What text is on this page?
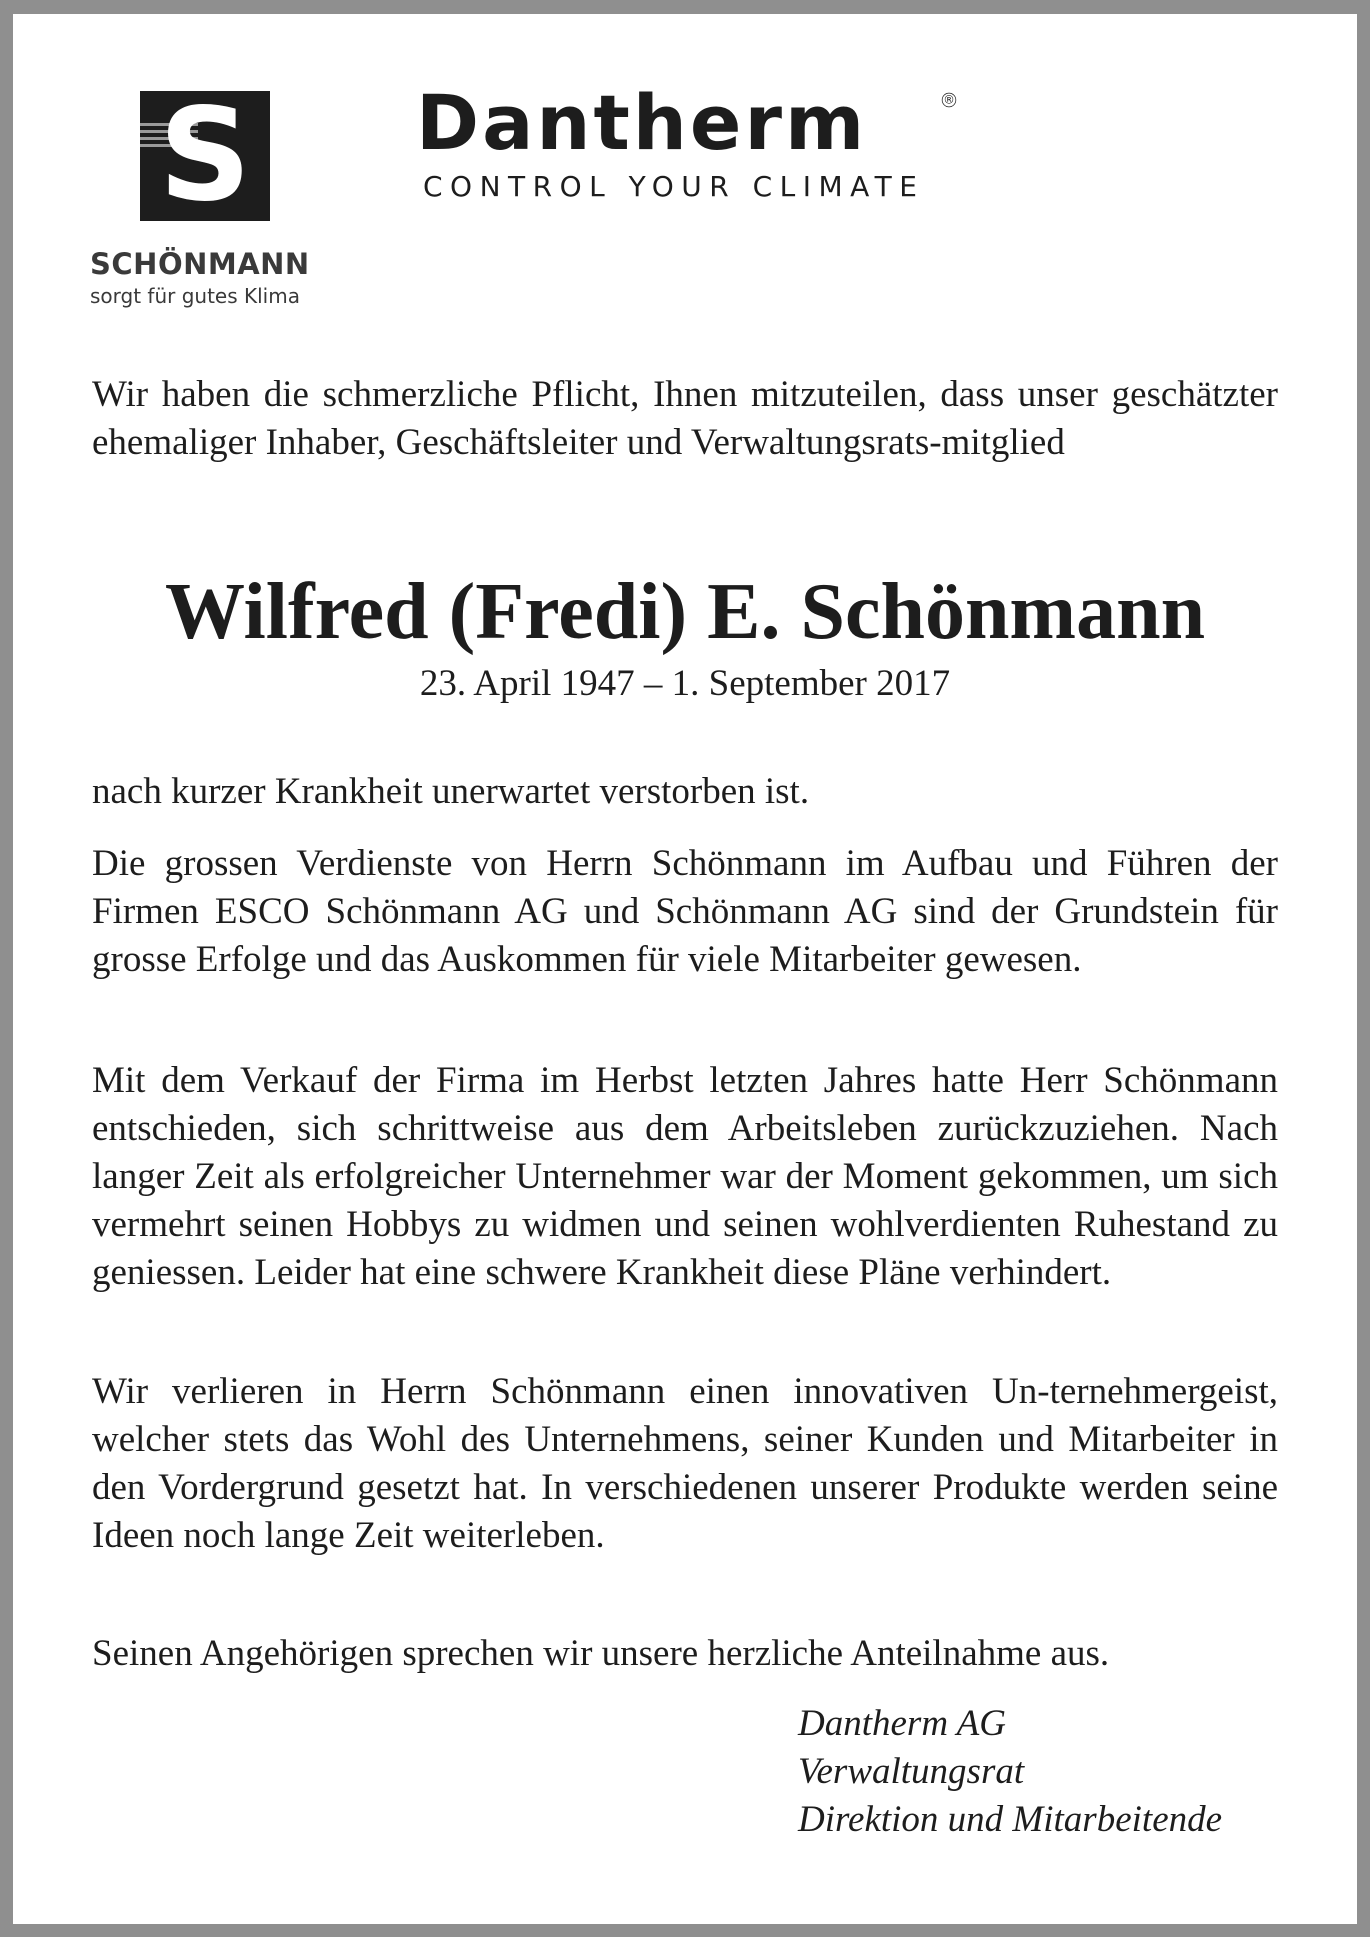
S
SCHÖNMANN
sorgt für gutes Klima
Dantherm	®
CONTROL YOUR CLIMATE

Wir haben die schmerzliche Pflicht, Ihnen mitzuteilen, dass unser geschätzter ehemaliger Inhaber, Geschäftsleiter und Verwaltungsrats-mitglied

Wilfred (Fredi) E. Schönmann
23. April 1947 – 1. September 2017

nach kurzer Krankheit unerwartet verstorben ist.

Die grossen Verdienste von Herrn Schönmann im Aufbau und Führen der Firmen ESCO Schönmann AG und Schönmann AG sind der Grundstein für grosse Erfolge und das Auskommen für viele Mitarbeiter gewesen.

Mit dem Verkauf der Firma im Herbst letzten Jahres hatte Herr Schönmann entschieden, sich schrittweise aus dem Arbeitsleben zurückzuziehen. Nach langer Zeit als erfolgreicher Unternehmer war der Moment gekommen, um sich vermehrt seinen Hobbys zu widmen und seinen wohlverdienten Ruhestand zu geniessen. Leider hat eine schwere Krankheit diese Pläne verhindert.

Wir verlieren in Herrn Schönmann einen innovativen Un-ternehmergeist, welcher stets das Wohl des Unternehmens, seiner Kunden und Mitarbeiter in den Vordergrund gesetzt hat. In verschiedenen unserer Produkte werden seine Ideen noch lange Zeit weiterleben.

Seinen Angehörigen sprechen wir unsere herzliche Anteilnahme aus.

Dantherm AG
Verwaltungsrat
Direktion und Mitarbeitende
